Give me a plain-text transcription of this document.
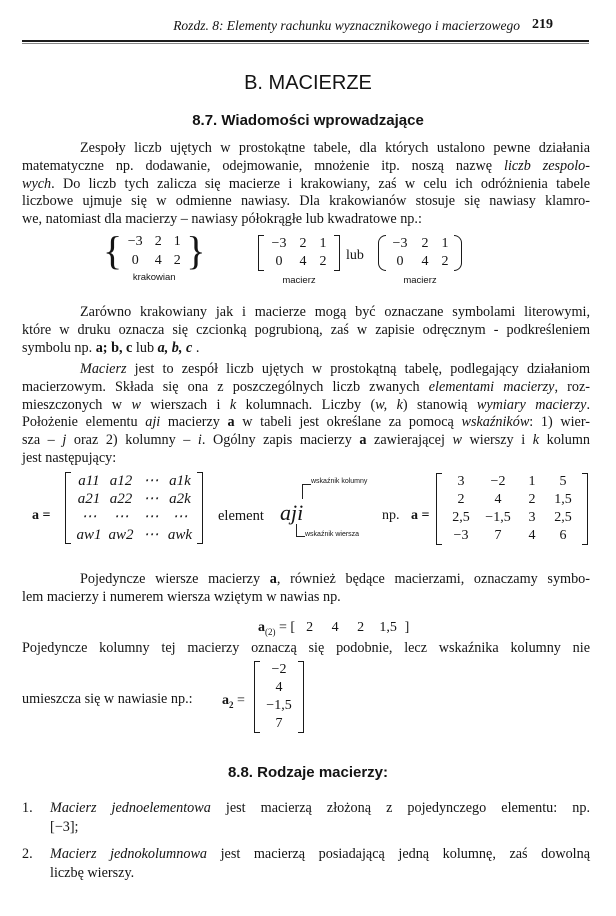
Rozdz. 8: Elementy rachunku wyznacznikowego i macierzowego 219
B. MACIERZE
8.7. Wiadomości wprowadzające
Zespoły liczb ujętych w prostokątne tabele, dla których ustalono pewne działania
matematyczne np. dodawanie, odejmowanie, mnożenie itp. noszą nazwę liczb zespolo-
wych. Do liczb tych zalicza się macierze i krakowiany, zaś w celu ich odróżnienia tabele
liczbowe ujmuje się w odmienne nawiasy. Dla krakowianów stosuje się nawiasy klamro-
we, natomiast dla macierzy – nawiasy półokrągłe lub kwadratowe np.:
{ −3 2 1
0	4 2 }
krakowian
−3 2 1
0	4 2
macierz
lub
−3	2 1
0	4 2
macierz
Zarówno krakowiany jak i macierze mogą być oznaczane symbolami literowymi,
które w druku oznacza się czcionką pogrubioną, zaś w zapisie odręcznym - podkreśleniem
symbolu np. a; b, c lub a, b, c .
Macierz jest to zespół liczb ujętych w prostokątną tabelę, podlegający działaniom
macierzowym. Składa się ona z poszczególnych liczb zwanych elementami macierzy, roz-
mieszczonych w w wierszach i k kolumnach. Liczby (w, k) stanowią wymiary macierzy.
Położenie elementu aji macierzy a w tabeli jest określane za pomocą wskaźników: 1) wier-
sza – j oraz 2) kolumny – i. Ogólny zapis macierzy a zawierającej w wierszy i k kolumn
jest następujący:
a =
a11 a12 ⋯ a1k
a21 a22 ⋯ a2k
⋯	⋯	⋯ ⋯
aw1 aw2 ⋯ awk
element aji
wskaźnik kolumny
wskaźnik wiersza
np. a =
3	−2	1	5
2	4	2	1,5
2,5	−1,5	3	2,5
−3	7	4	6
Pojedyncze wiersze macierzy a, również będące macierzami, oznaczamy symbo-
lem macierzy i numerem wiersza wziętym w nawias np.
$a_{(2)}$ = [ 2 4 2 1,5 ]
Pojedyncze kolumny tej macierzy oznaczą się podobnie, lecz wskaźnika kolumny nie
umieszcza się w nawiasie np.:	$a_2$ =
−2
4
−1,5
7
8.8. Rodzaje macierzy:
1. Macierz jednoelementowa jest macierzą złożoną z pojedynczego elementu: np.
[−3];
2. Macierz jednokolumnowa jest macierzą posiadającą jedną kolumnę, zaś dowolną
liczbę wierszy.
